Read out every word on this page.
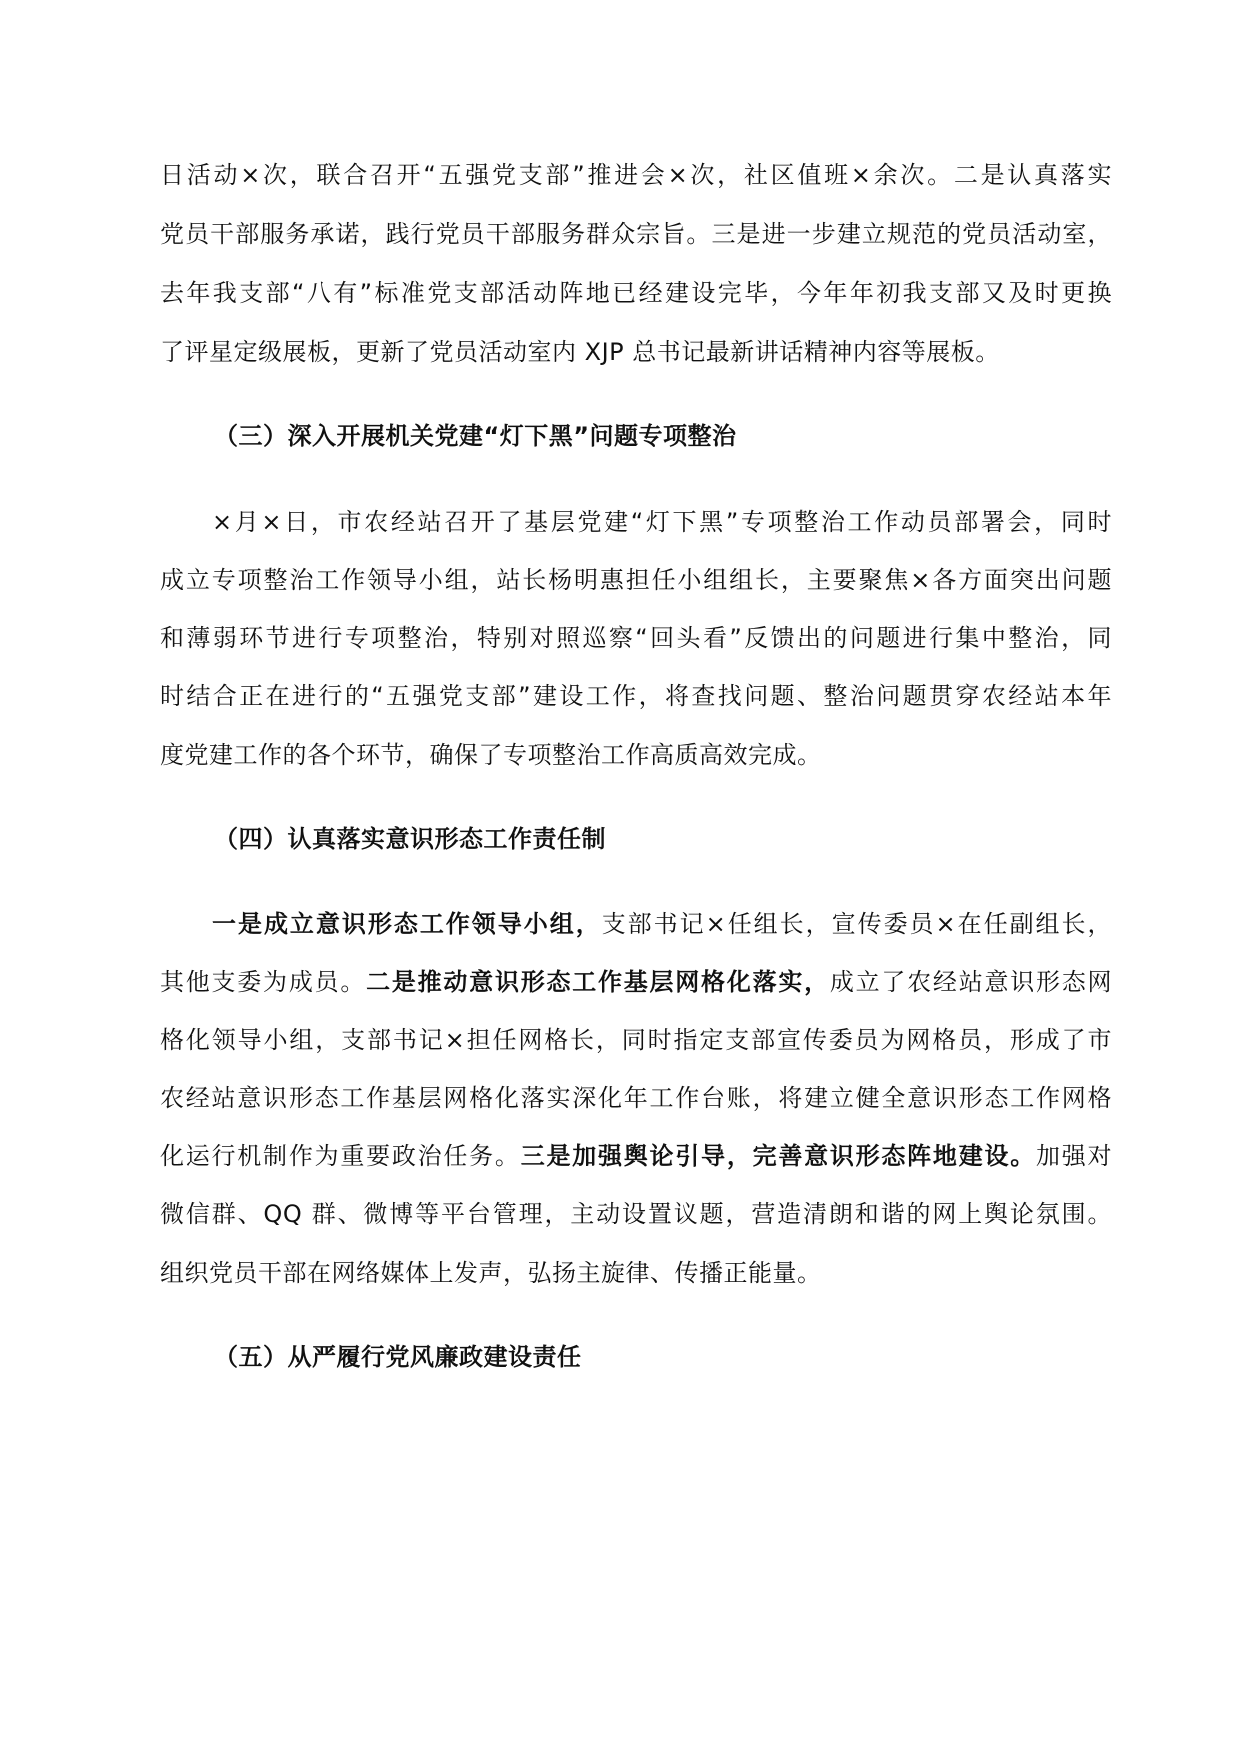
日活动×次，联合召开“五强党支部”推进会×次，社区值班×余次。二是认真落实
党员干部服务承诺，践行党员干部服务群众宗旨。三是进一步建立规范的党员活动室，
去年我支部“八有”标准党支部活动阵地已经建设完毕，今年年初我支部又及时更换
了评星定级展板，更新了党员活动室内 XJP 总书记最新讲话精神内容等展板。
（三）深入开展机关党建“灯下黑”问题专项整治
×月×日，市农经站召开了基层党建“灯下黑”专项整治工作动员部署会，同时
成立专项整治工作领导小组，站长杨明惠担任小组组长，主要聚焦×各方面突出问题
和薄弱环节进行专项整治，特别对照巡察“回头看”反馈出的问题进行集中整治，同
时结合正在进行的“五强党支部”建设工作，将查找问题、整治问题贯穿农经站本年
度党建工作的各个环节，确保了专项整治工作高质高效完成。
（四）认真落实意识形态工作责任制
一是成立意识形态工作领导小组，支部书记×任组长，宣传委员×在任副组长，
其他支委为成员。二是推动意识形态工作基层网格化落实，成立了农经站意识形态网
格化领导小组，支部书记×担任网格长，同时指定支部宣传委员为网格员，形成了市
农经站意识形态工作基层网格化落实深化年工作台账，将建立健全意识形态工作网格
化运行机制作为重要政治任务。三是加强舆论引导，完善意识形态阵地建设。加强对
微信群、QQ 群、微博等平台管理，主动设置议题，营造清朗和谐的网上舆论氛围。
组织党员干部在网络媒体上发声，弘扬主旋律、传播正能量。
（五）从严履行党风廉政建设责任
